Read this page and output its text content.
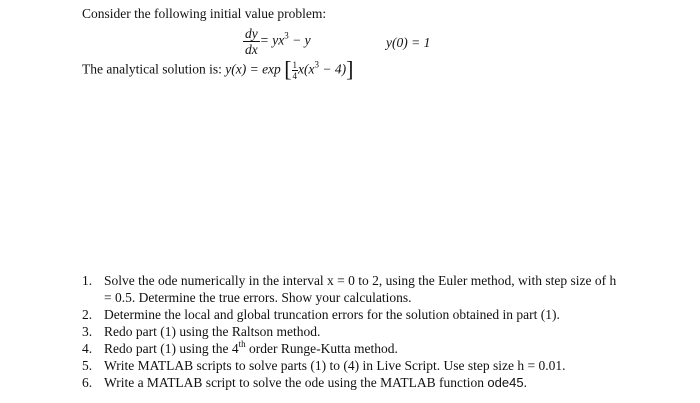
Consider the following initial value problem:
$\frac{dy}{dx} = yx^3 - y$	y(0) = 1
The analytical solution is: y(x) = exp [ $\frac{1}{4} x(x^3 - 4)$]
1. Solve the ode numerically in the interval x = 0 to 2, using the Euler method, with step size of h
= 0.5. Determine the true errors. Show your calculations.
2. Determine the local and global truncation errors for the solution obtained in part (1).
3. Redo part (1) using the Raltson method.
4. Redo part (1) using the 4th order Runge-Kutta method.
5. Write MATLAB scripts to solve parts (1) to (4) in Live Script. Use step size h = 0.01.
6. Write a MATLAB script to solve the ode using the MATLAB function ode45.
